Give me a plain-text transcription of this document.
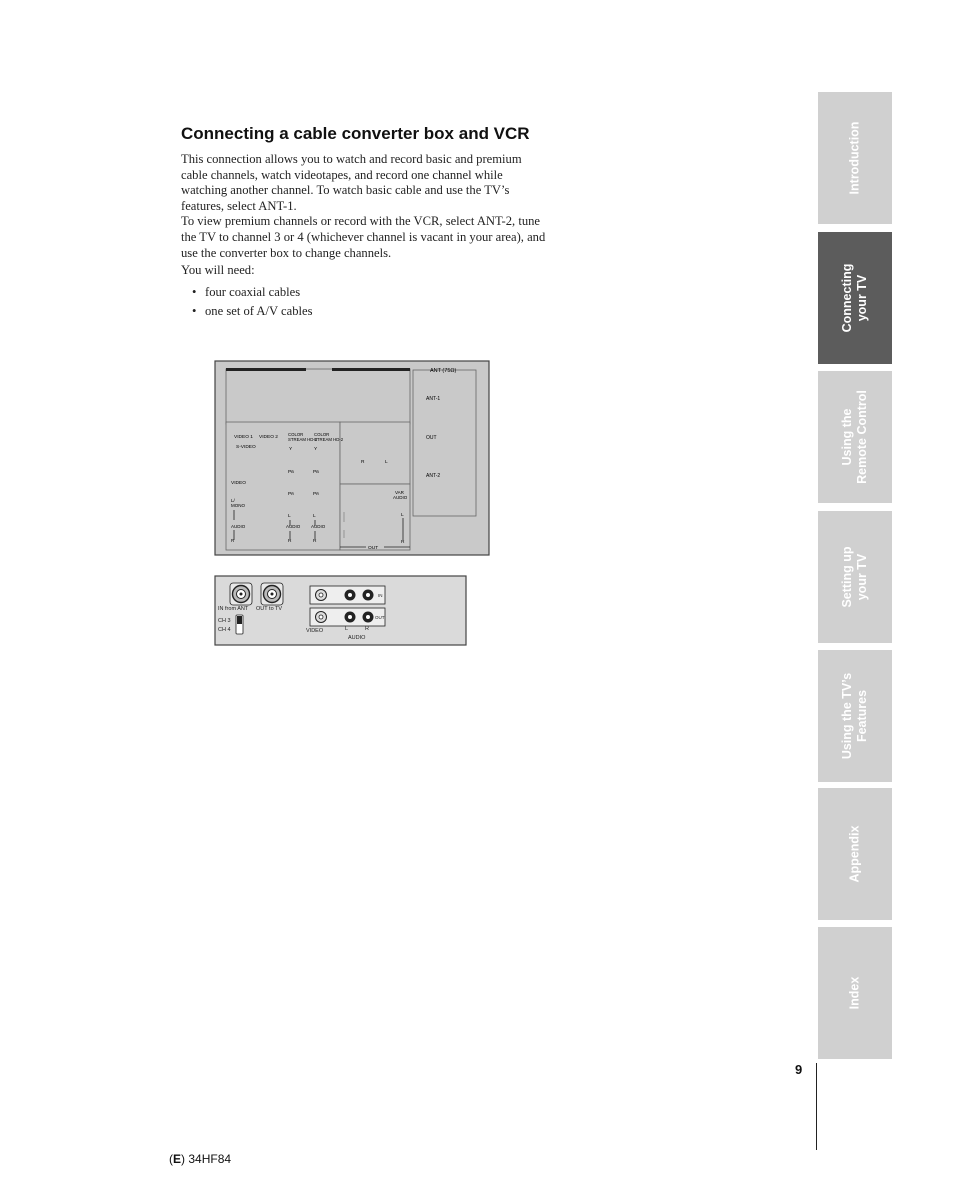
Connecting a cable converter box and VCR

This connection allows you to watch and record basic and premium cable channels, watch videotapes, and record one channel while watching another channel. To watch basic cable and use the TV’s features, select ANT-1.

To view premium channels or record with the VCR, select ANT-2, tune the TV to channel 3 or 4 (whichever channel is vacant in your area), and use the converter box to change channels.

You will need:

• four coaxial cables
• one set of A/V cables
ANT (75Ω)
ANT-1
OUT
ANT-2
VIDEO 1 VIDEO 2
COLOR
STREAM HD-2
COLOR
STREAM HD-2
S-VIDEO	Y	Y
Pʙ	Pʙ
Pʀ	Pʀ
VIDEO
L/
MONO
AUDIO
R
L	L
AUDIO AUDIO
R	R
R	L
VAR
AUDIO
L
R
OUT
IN from ANT OUT to TV
CH 3
CH 4
IN
OUT
VIDEO	L	R
AUDIO
Introduction
Connecting
your TV
Using the
Remote Control
Setting up
your TV
Using the TV’s
Features
Appendix
Index
9
(E) 34HF84
